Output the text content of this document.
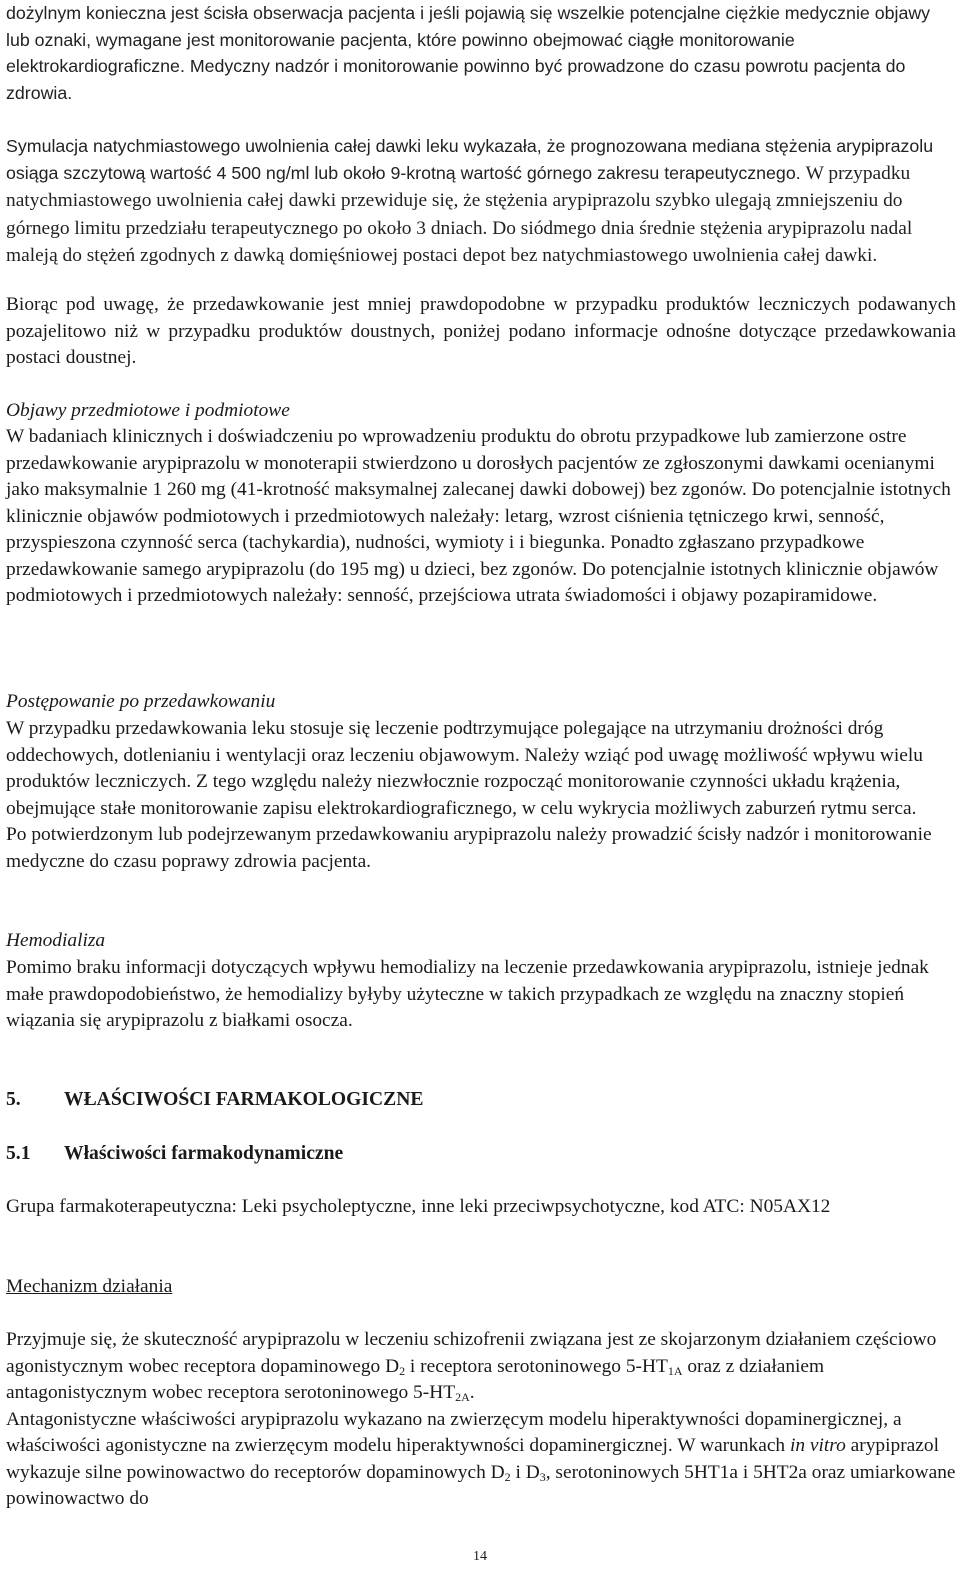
dożylnym konieczna jest ścisła obserwacja pacjenta i jeśli pojawią się wszelkie potencjalne ciężkie medycznie objawy lub oznaki, wymagane jest monitorowanie pacjenta, które powinno obejmować ciągłe monitorowanie elektrokardiograficzne. Medyczny nadzór i monitorowanie powinno być prowadzone do czasu powrotu pacjenta do zdrowia.

Symulacja natychmiastowego uwolnienia całej dawki leku wykazała, że prognozowana mediana stężenia arypiprazolu osiąga szczytową wartość 4 500 ng/ml lub około 9-krotną wartość górnego zakresu terapeutycznego. W przypadku natychmiastowego uwolnienia całej dawki przewiduje się, że stężenia arypiprazolu szybko ulegają zmniejszeniu do górnego limitu przedziału terapeutycznego po około 3 dniach. Do siódmego dnia średnie stężenia arypiprazolu nadal maleją do stężeń zgodnych z dawką domięśniowej postaci depot bez natychmiastowego uwolnienia całej dawki.

Biorąc pod uwagę, że przedawkowanie jest mniej prawdopodobne w przypadku produktów leczniczych podawanych pozajelitowo niż w przypadku produktów doustnych, poniżej podano informacje odnośne dotyczące przedawkowania postaci doustnej.

Objawy przedmiotowe i podmiotowe

W badaniach klinicznych i doświadczeniu po wprowadzeniu produktu do obrotu przypadkowe lub zamierzone ostre przedawkowanie arypiprazolu w monoterapii stwierdzono u dorosłych pacjentów ze zgłoszonymi dawkami ocenianymi jako maksymalnie 1 260 mg (41-krotność maksymalnej zalecanej dawki dobowej) bez zgonów. Do potencjalnie istotnych klinicznie objawów podmiotowych i przedmiotowych należały: letarg, wzrost ciśnienia tętniczego krwi, senność, przyspieszona czynność serca (tachykardia), nudności, wymioty i i biegunka. Ponadto zgłaszano przypadkowe przedawkowanie samego arypiprazolu (do 195 mg) u dzieci, bez zgonów. Do potencjalnie istotnych klinicznie objawów podmiotowych i przedmiotowych należały: senność, przejściowa utrata świadomości i objawy pozapiramidowe.

Postępowanie po przedawkowaniu

W przypadku przedawkowania leku stosuje się leczenie podtrzymujące polegające na utrzymaniu drożności dróg oddechowych, dotlenianiu i wentylacji oraz leczeniu objawowym. Należy wziąć pod uwagę możliwość wpływu wielu produktów leczniczych. Z tego względu należy niezwłocznie rozpocząć monitorowanie czynności układu krążenia, obejmujące stałe monitorowanie zapisu elektrokardiograficznego, w celu wykrycia możliwych zaburzeń rytmu serca. Po potwierdzonym lub podejrzewanym przedawkowaniu arypiprazolu należy prowadzić ścisły nadzór i monitorowanie medyczne do czasu poprawy zdrowia pacjenta.

Hemodializa

Pomimo braku informacji dotyczących wpływu hemodializy na leczenie przedawkowania arypiprazolu, istnieje jednak małe prawdopodobieństwo, że hemodializy byłyby użyteczne w takich przypadkach ze względu na znaczny stopień wiązania się arypiprazolu z białkami osocza.

5. WŁAŚCIWOŚCI FARMAKOLOGICZNE

5.1 Właściwości farmakodynamiczne

Grupa farmakoterapeutyczna: Leki psycholeptyczne, inne leki przeciwpsychotyczne, kod ATC: N05AX12

Mechanizm działania

Przyjmuje się, że skuteczność arypiprazolu w leczeniu schizofrenii związana jest ze skojarzonym działaniem częściowo agonistycznym wobec receptora dopaminowego $D_2$ i receptora serotoninowego $5-HT_{1A}$ oraz z działaniem antagonistycznym wobec receptora serotoninowego $5-HT_{2A}$.
Antagonistyczne właściwości arypiprazolu wykazano na zwierzęcym modelu hiperaktywności dopaminergicznej, a właściwości agonistyczne na zwierzęcym modelu hiperaktywności dopaminergicznej. W warunkach in vitro arypiprazol wykazuje silne powinowactwo do receptorów dopaminowych $D_2$ i $D_3$, serotoninowych 5HT1a i 5HT2a oraz umiarkowane powinowactwo do

14
